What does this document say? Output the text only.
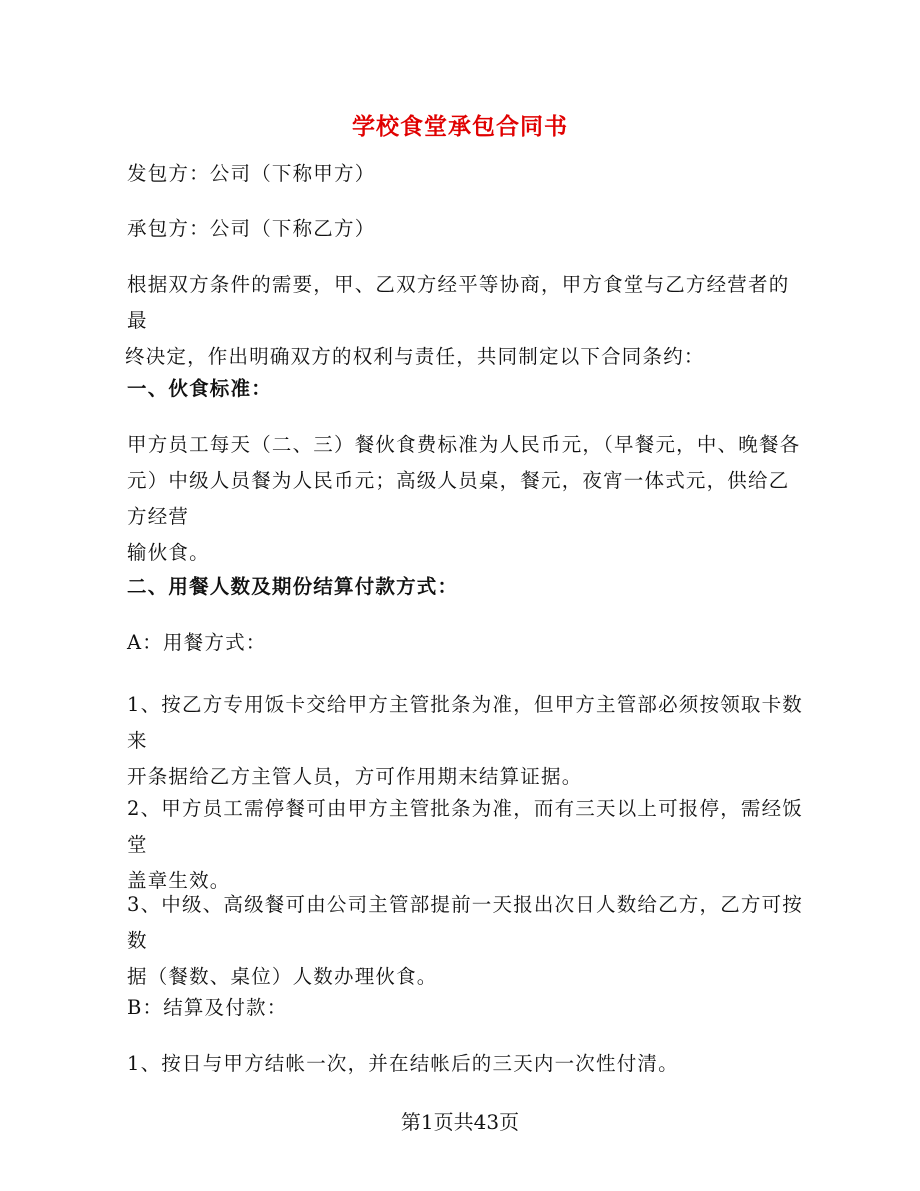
学校食堂承包合同书

发包方：公司（下称甲方）

承包方：公司（下称乙方）

根据双方条件的需要，甲、乙双方经平等协商，甲方食堂与乙方经营者的最
终决定，作出明确双方的权利与责任，共同制定以下合同条约：

一、伙食标准：

甲方员工每天（二、三）餐伙食费标准为人民币元，（早餐元，中、晚餐各
元）中级人员餐为人民币元；高级人员桌，餐元，夜宵一体式元，供给乙方经营
输伙食。

二、用餐人数及期份结算付款方式：

A：用餐方式：

1、按乙方专用饭卡交给甲方主管批条为准，但甲方主管部必须按领取卡数来
开条据给乙方主管人员，方可作用期末结算证据。

2、甲方员工需停餐可由甲方主管批条为准，而有三天以上可报停，需经饭堂
盖章生效。

3、中级、高级餐可由公司主管部提前一天报出次日人数给乙方，乙方可按数
据（餐数、桌位）人数办理伙食。

B：结算及付款：

1、按日与甲方结帐一次，并在结帐后的三天内一次性付清。

第1页共43页
